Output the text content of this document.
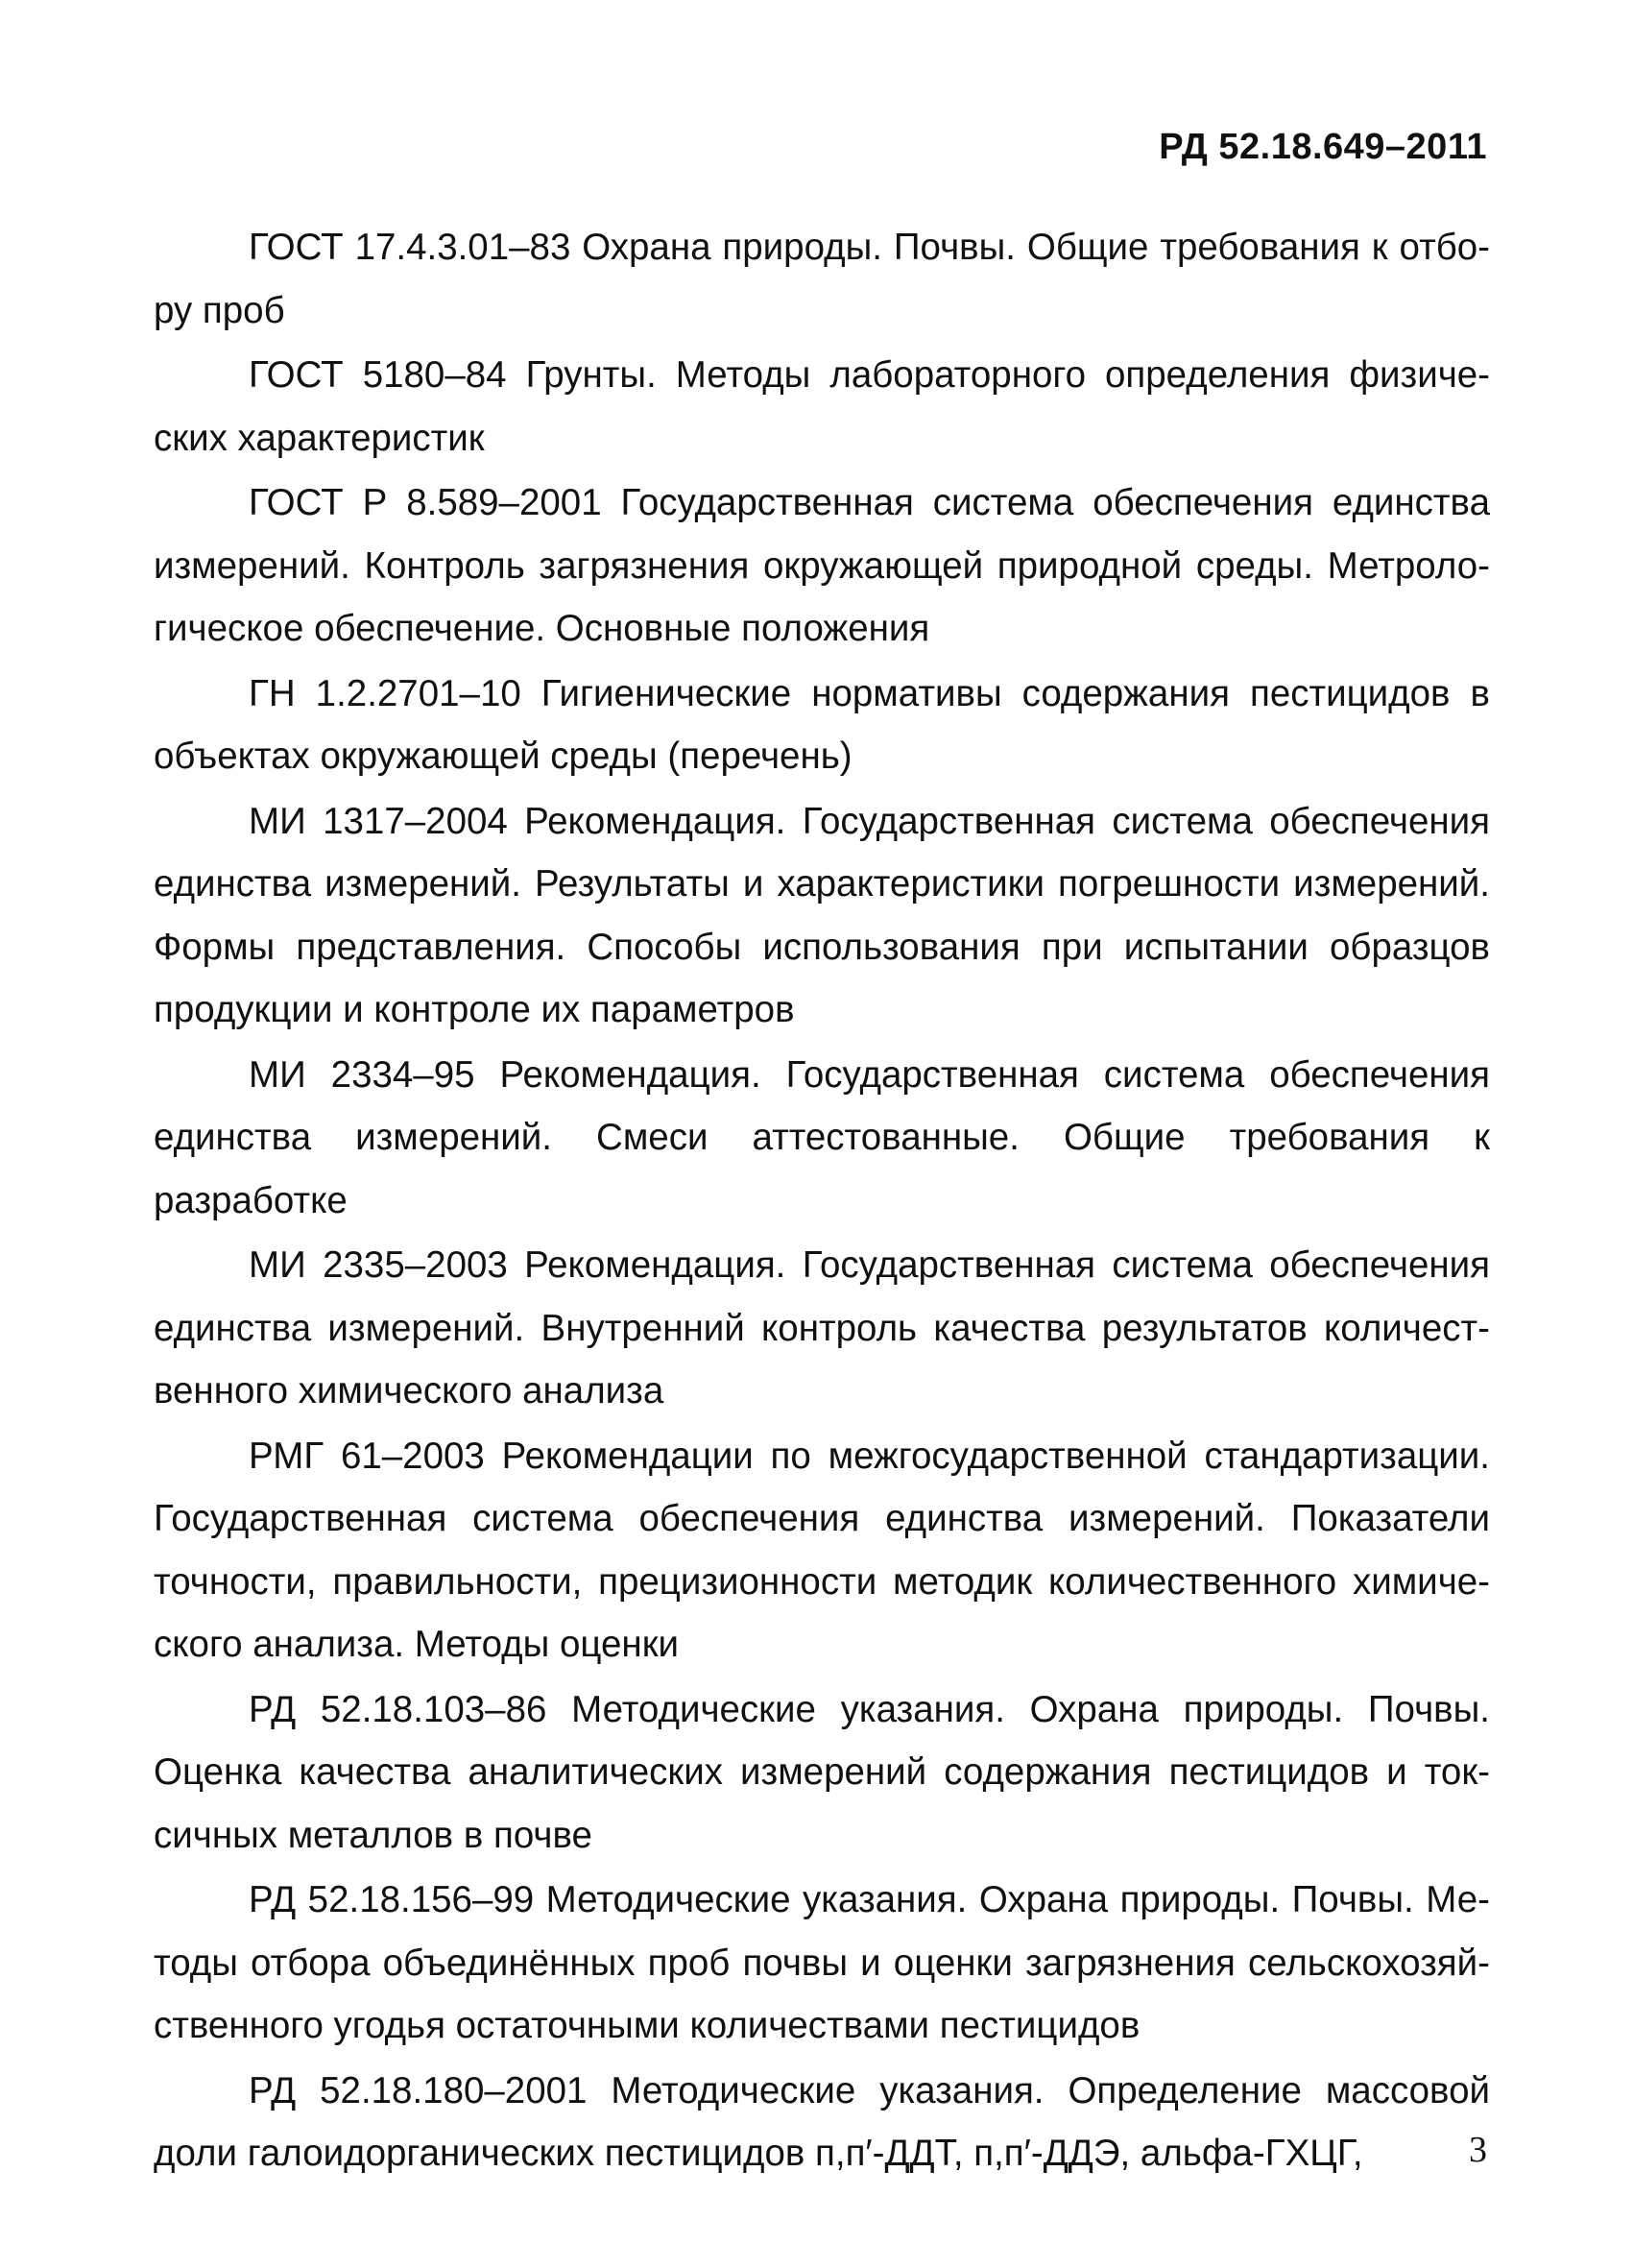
РД 52.18.649–2011

ГОСТ 17.4.3.01–83 Охрана природы. Почвы. Общие требования к отбору проб

ГОСТ 5180–84 Грунты. Методы лабораторного определения физических характеристик

ГОСТ Р 8.589–2001 Государственная система обеспечения единства измерений. Контроль загрязнения окружающей природной среды. Метрологическое обеспечение. Основные положения

ГН 1.2.2701–10 Гигиенические нормативы содержания пестицидов в объектах окружающей среды (перечень)

МИ 1317–2004 Рекомендация. Государственная система обеспечения единства измерений. Результаты и характеристики погрешности измерений. Формы представления. Способы использования при испытании образцов продукции и контроле их параметров

МИ 2334–95 Рекомендация. Государственная система обеспечения единства измерений. Смеси аттестованные. Общие требования к разработке

МИ 2335–2003 Рекомендация. Государственная система обеспечения единства измерений. Внутренний контроль качества результатов количественного химического анализа

РМГ 61–2003 Рекомендации по межгосударственной стандартизации. Государственная система обеспечения единства измерений. Показатели точности, правильности, прецизионности методик количественного химического анализа. Методы оценки

РД 52.18.103–86 Методические указания. Охрана природы. Почвы. Оценка качества аналитических измерений содержания пестицидов и токсичных металлов в почве

РД 52.18.156–99 Методические указания. Охрана природы. Почвы. Методы отбора объединённых проб почвы и оценки загрязнения сельскохозяйственного угодья остаточными количествами пестицидов

РД 52.18.180–2001 Методические указания. Определение массовой доли галоидорганических пестицидов п,п′-ДДТ, п,п′-ДДЭ, альфа-ГХЦГ,	3
